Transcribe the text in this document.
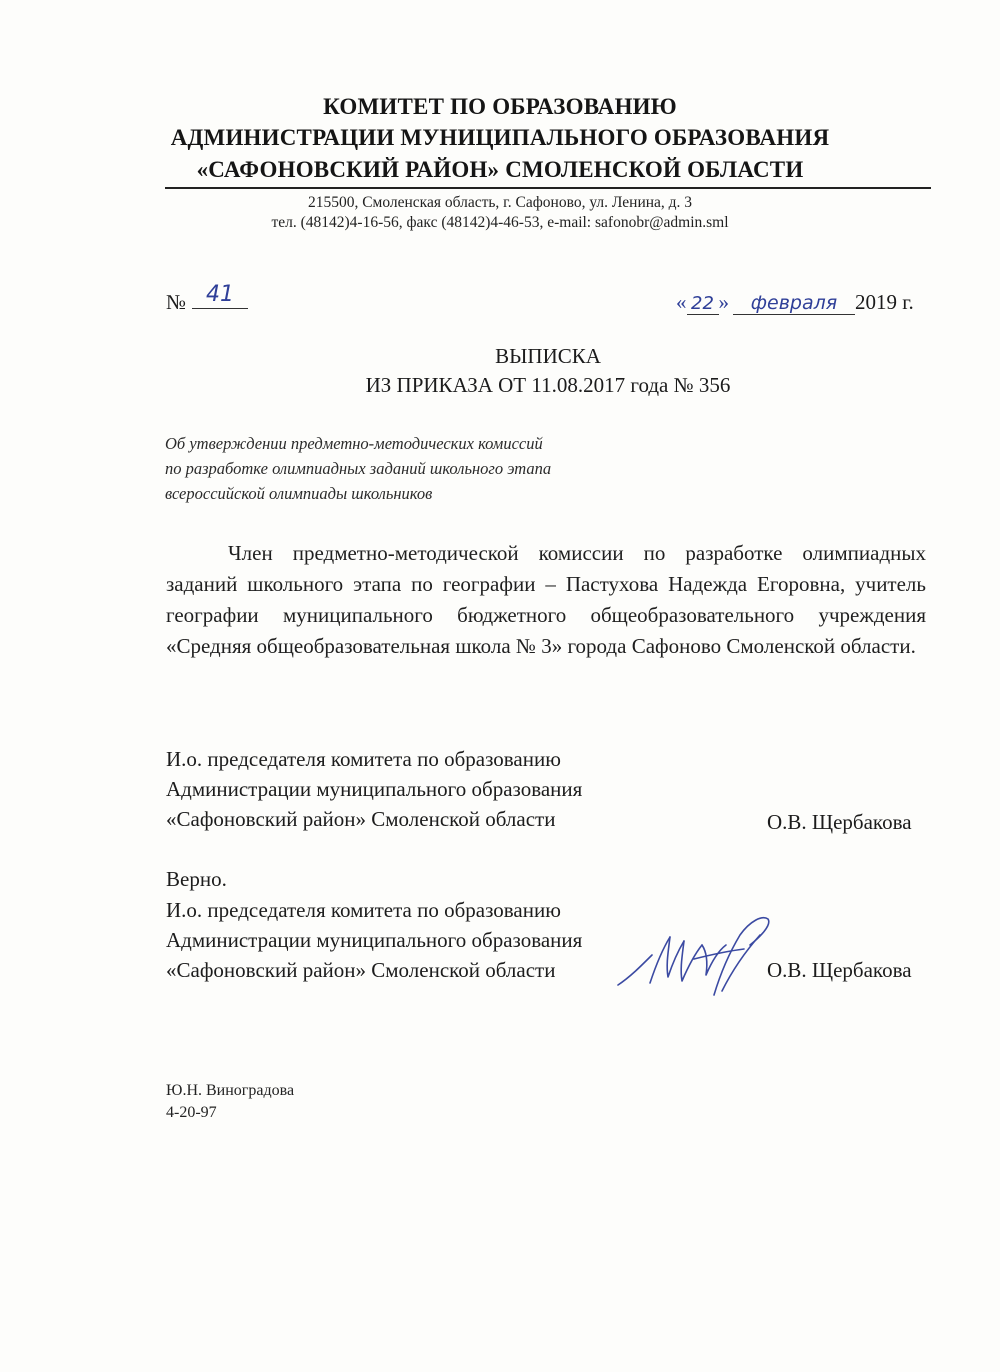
КОМИТЕТ ПО ОБРАЗОВАНИЮ
АДМИНИСТРАЦИИ МУНИЦИПАЛЬНОГО ОБРАЗОВАНИЯ
«САФОНОВСКИЙ РАЙОН» СМОЛЕНСКОЙ ОБЛАСТИ
215500, Смоленская область, г. Сафоново, ул. Ленина, д. 3
тел. (48142)4-16-56, факс (48142)4-46-53, e-mail: safonobr@admin.sml
№ 41	« 22 » февраля 2019 г.
ВЫПИСКА
ИЗ ПРИКАЗА ОТ 11.08.2017 года № 356
Об утверждении предметно-методических комиссий
по разработке олимпиадных заданий школьного этапа
всероссийской олимпиады школьников
Член предметно-методической комиссии по разработке олимпиадных заданий школьного этапа по географии – Пастухова Надежда Егоровна, учитель географии муниципального бюджетного общеобразовательного учреждения «Средняя общеобразовательная школа № 3» города Сафоново Смоленской области.
И.о. председателя комитета по образованию
Администрации муниципального образования
«Сафоновский район» Смоленской области	О.В. Щербакова
Верно.
И.о. председателя комитета по образованию
Администрации муниципального образования
«Сафоновский район» Смоленской области	О.В. Щербакова
Ю.Н. Виноградова
4-20-97
